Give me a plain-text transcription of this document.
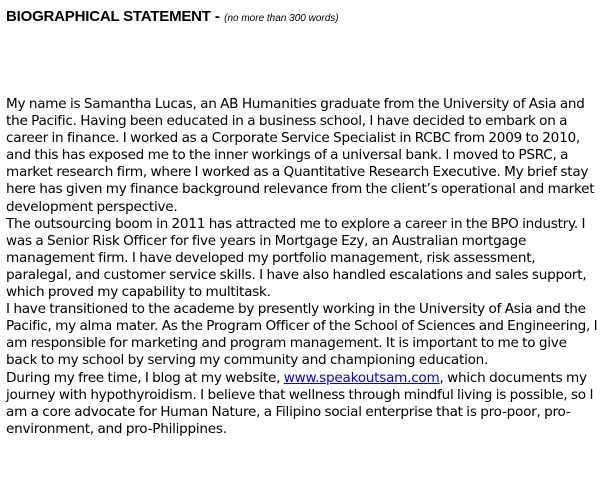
BIOGRAPHICAL STATEMENT - (no more than 300 words)

My name is Samantha Lucas, an AB Humanities graduate from the University of Asia and the Pacific. Having been educated in a business school, I have decided to embark on a career in finance. I worked as a Corporate Service Specialist in RCBC from 2009 to 2010, and this has exposed me to the inner workings of a universal bank. I moved to PSRC, a market research firm, where I worked as a Quantitative Research Executive. My brief stay here has given my finance background relevance from the client’s operational and market development perspective.

The outsourcing boom in 2011 has attracted me to explore a career in the BPO industry. I was a Senior Risk Officer for five years in Mortgage Ezy, an Australian mortgage management firm. I have developed my portfolio management, risk assessment, paralegal, and customer service skills. I have also handled escalations and sales support, which proved my capability to multitask.

I have transitioned to the academe by presently working in the University of Asia and the Pacific, my alma mater. As the Program Officer of the School of Sciences and Engineering, I am responsible for marketing and program management. It is important to me to give back to my school by serving my community and championing education.

During my free time, I blog at my website, www.speakoutsam.com, which documents my journey with hypothyroidism. I believe that wellness through mindful living is possible, so I am a core advocate for Human Nature, a Filipino social enterprise that is pro-poor, pro-environment, and pro-Philippines.
